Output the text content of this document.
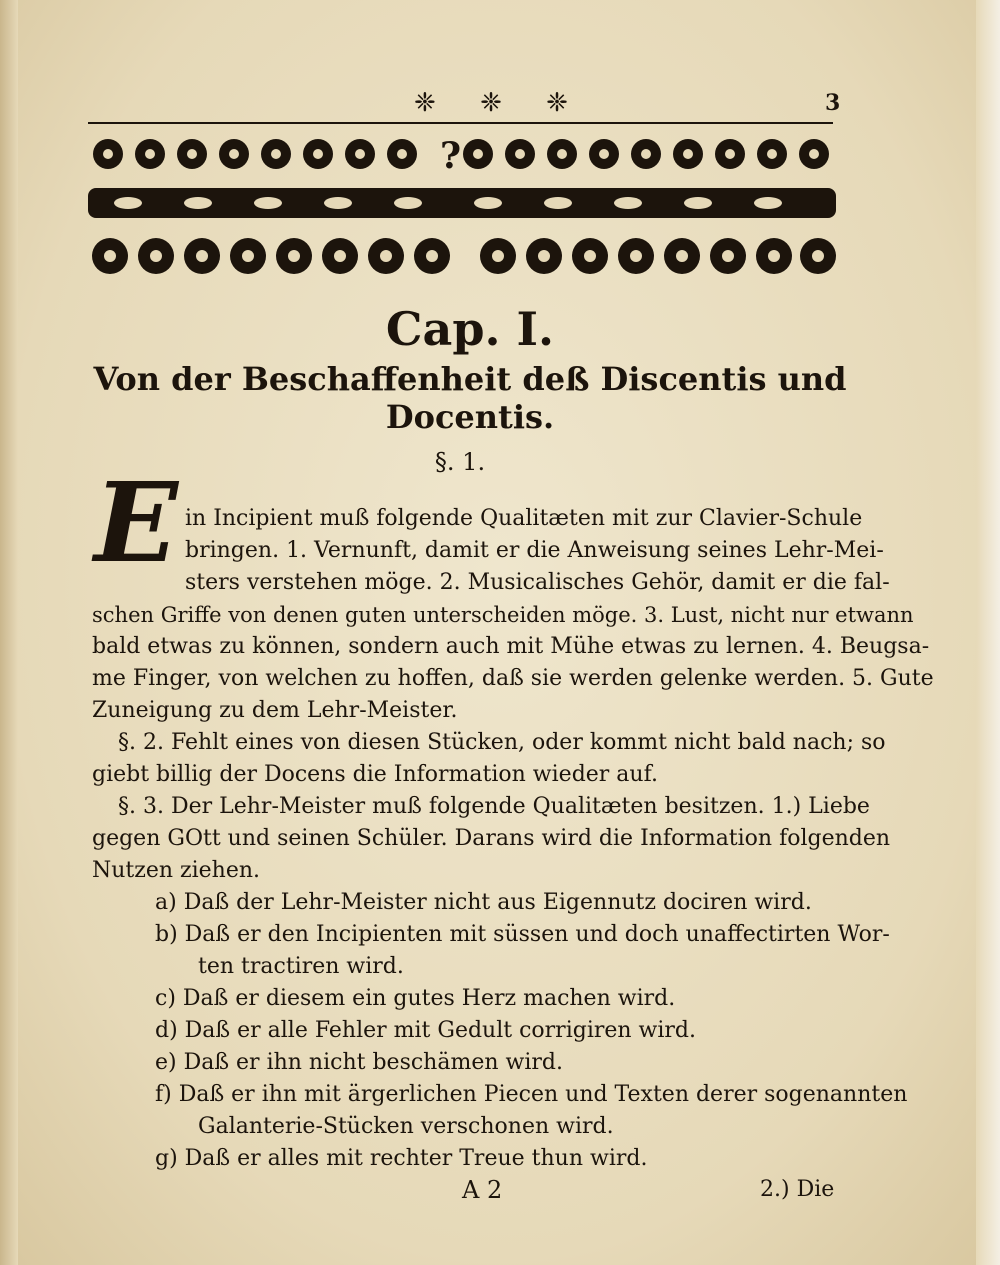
❈ ❈ ❈	3
?
Cap. I.
Von der Beschaffenheit deß Discentis und
Docentis.
§. 1.
E in Incipient muß folgende Qualitæten mit zur Clavier-Schule
bringen. 1. Vernunft, damit er die Anweisung seines Lehr-Mei-
sters verstehen möge. 2. Musicalisches Gehör, damit er die fal-
schen Griffe von denen guten unterscheiden möge. 3. Lust, nicht nur etwann
bald etwas zu können, sondern auch mit Mühe etwas zu lernen. 4. Beugsa-
me Finger, von welchen zu hoffen, daß sie werden gelenke werden. 5. Gute
Zuneigung zu dem Lehr-Meister.
§. 2. Fehlt eines von diesen Stücken, oder kommt nicht bald nach; so
giebt billig der Docens die Information wieder auf.
§. 3. Der Lehr-Meister muß folgende Qualitæten besitzen. 1.) Liebe
gegen GOtt und seinen Schüler. Darans wird die Information folgenden
Nutzen ziehen.
a) Daß der Lehr-Meister nicht aus Eigennutz dociren wird.
b) Daß er den Incipienten mit süssen und doch unaffectirten Wor-
ten tractiren wird.
c) Daß er diesem ein gutes Herz machen wird.
d) Daß er alle Fehler mit Gedult corrigiren wird.
e) Daß er ihn nicht beschämen wird.
f) Daß er ihn mit ärgerlichen Piecen und Texten derer sogenannten
Galanterie-Stücken verschonen wird.
g) Daß er alles mit rechter Treue thun wird.
A 2	2.) Die
